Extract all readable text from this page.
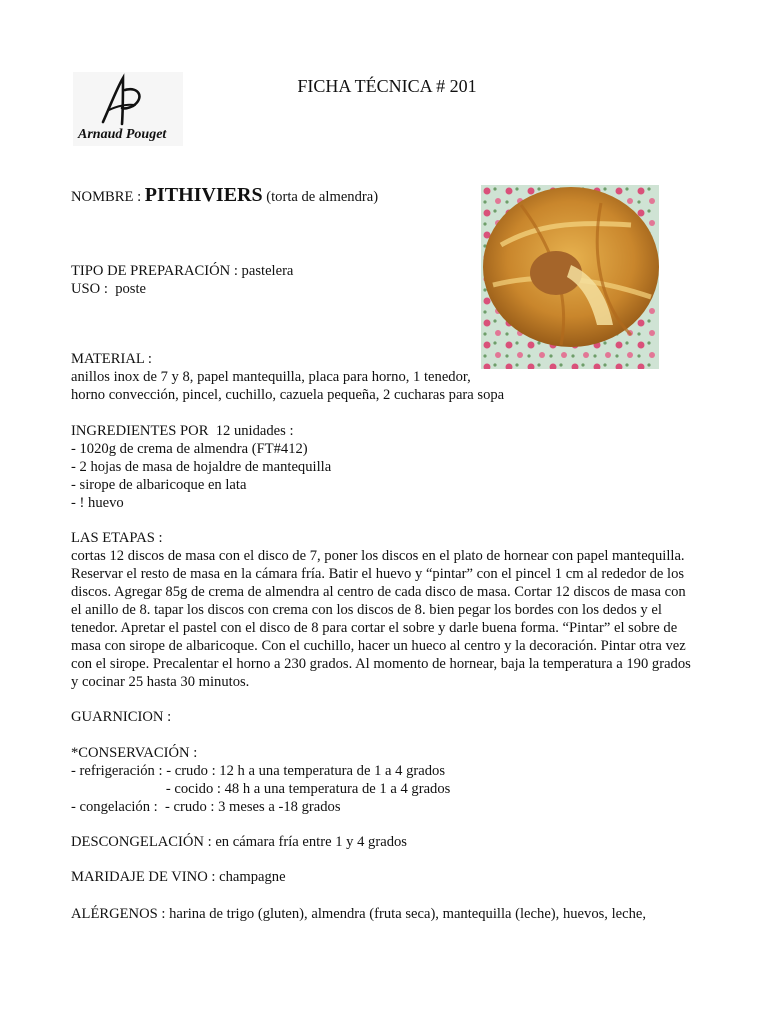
AP
Arnaud Pouget
FICHA TÉCNICA # 201
NOMBRE : PITHIVIERS (torta de almendra)
TIPO DE PREPARACIÓN : pastelera
USO :  poste
MATERIAL :
anillos inox de 7 y 8, papel mantequilla, placa para horno, 1 tenedor,
horno convección, pincel, cuchillo, cazuela pequeña, 2 cucharas para sopa
INGREDIENTES POR  12 unidades :
- 1020g de crema de almendra (FT#412)
- 2 hojas de masa de hojaldre de mantequilla
- sirope de albaricoque en lata
- ! huevo
LAS ETAPAS :
cortas 12 discos de masa con el disco de 7, poner los discos en el plato de hornear con papel mantequilla. Reservar el resto de masa en la cámara fría. Batir el huevo y “pintar” con el pincel 1 cm al rededor de los discos. Agregar 85g de crema de almendra al centro de cada disco de masa. Cortar 12 discos de masa con el anillo de 8. tapar los discos con crema con los discos de 8. bien pegar los bordes con los dedos y el tenedor. Apretar el pastel con el disco de 8 para cortar el sobre y darle buena forma. “Pintar” el sobre de masa con sirope de albaricoque. Con el cuchillo, hacer un hueco al centro y la decoración. Pintar otra vez con el sirope. Precalentar el horno a 230 grados. Al momento de hornear, baja la temperatura a 190 grados y cocinar 25 hasta 30 minutos.
GUARNICION :
*CONSERVACIÓN :
- refrigeración : - crudo : 12 h a una temperatura de 1 a 4 grados
- cocido : 48 h a una temperatura de 1 a 4 grados
- congelación :  - crudo : 3 meses a -18 grados
DESCONGELACIÓN : en cámara fría entre 1 y 4 grados
MARIDAJE DE VINO : champagne
ALÉRGENOS : harina de trigo (gluten), almendra (fruta seca), mantequilla (leche), huevos, leche,
